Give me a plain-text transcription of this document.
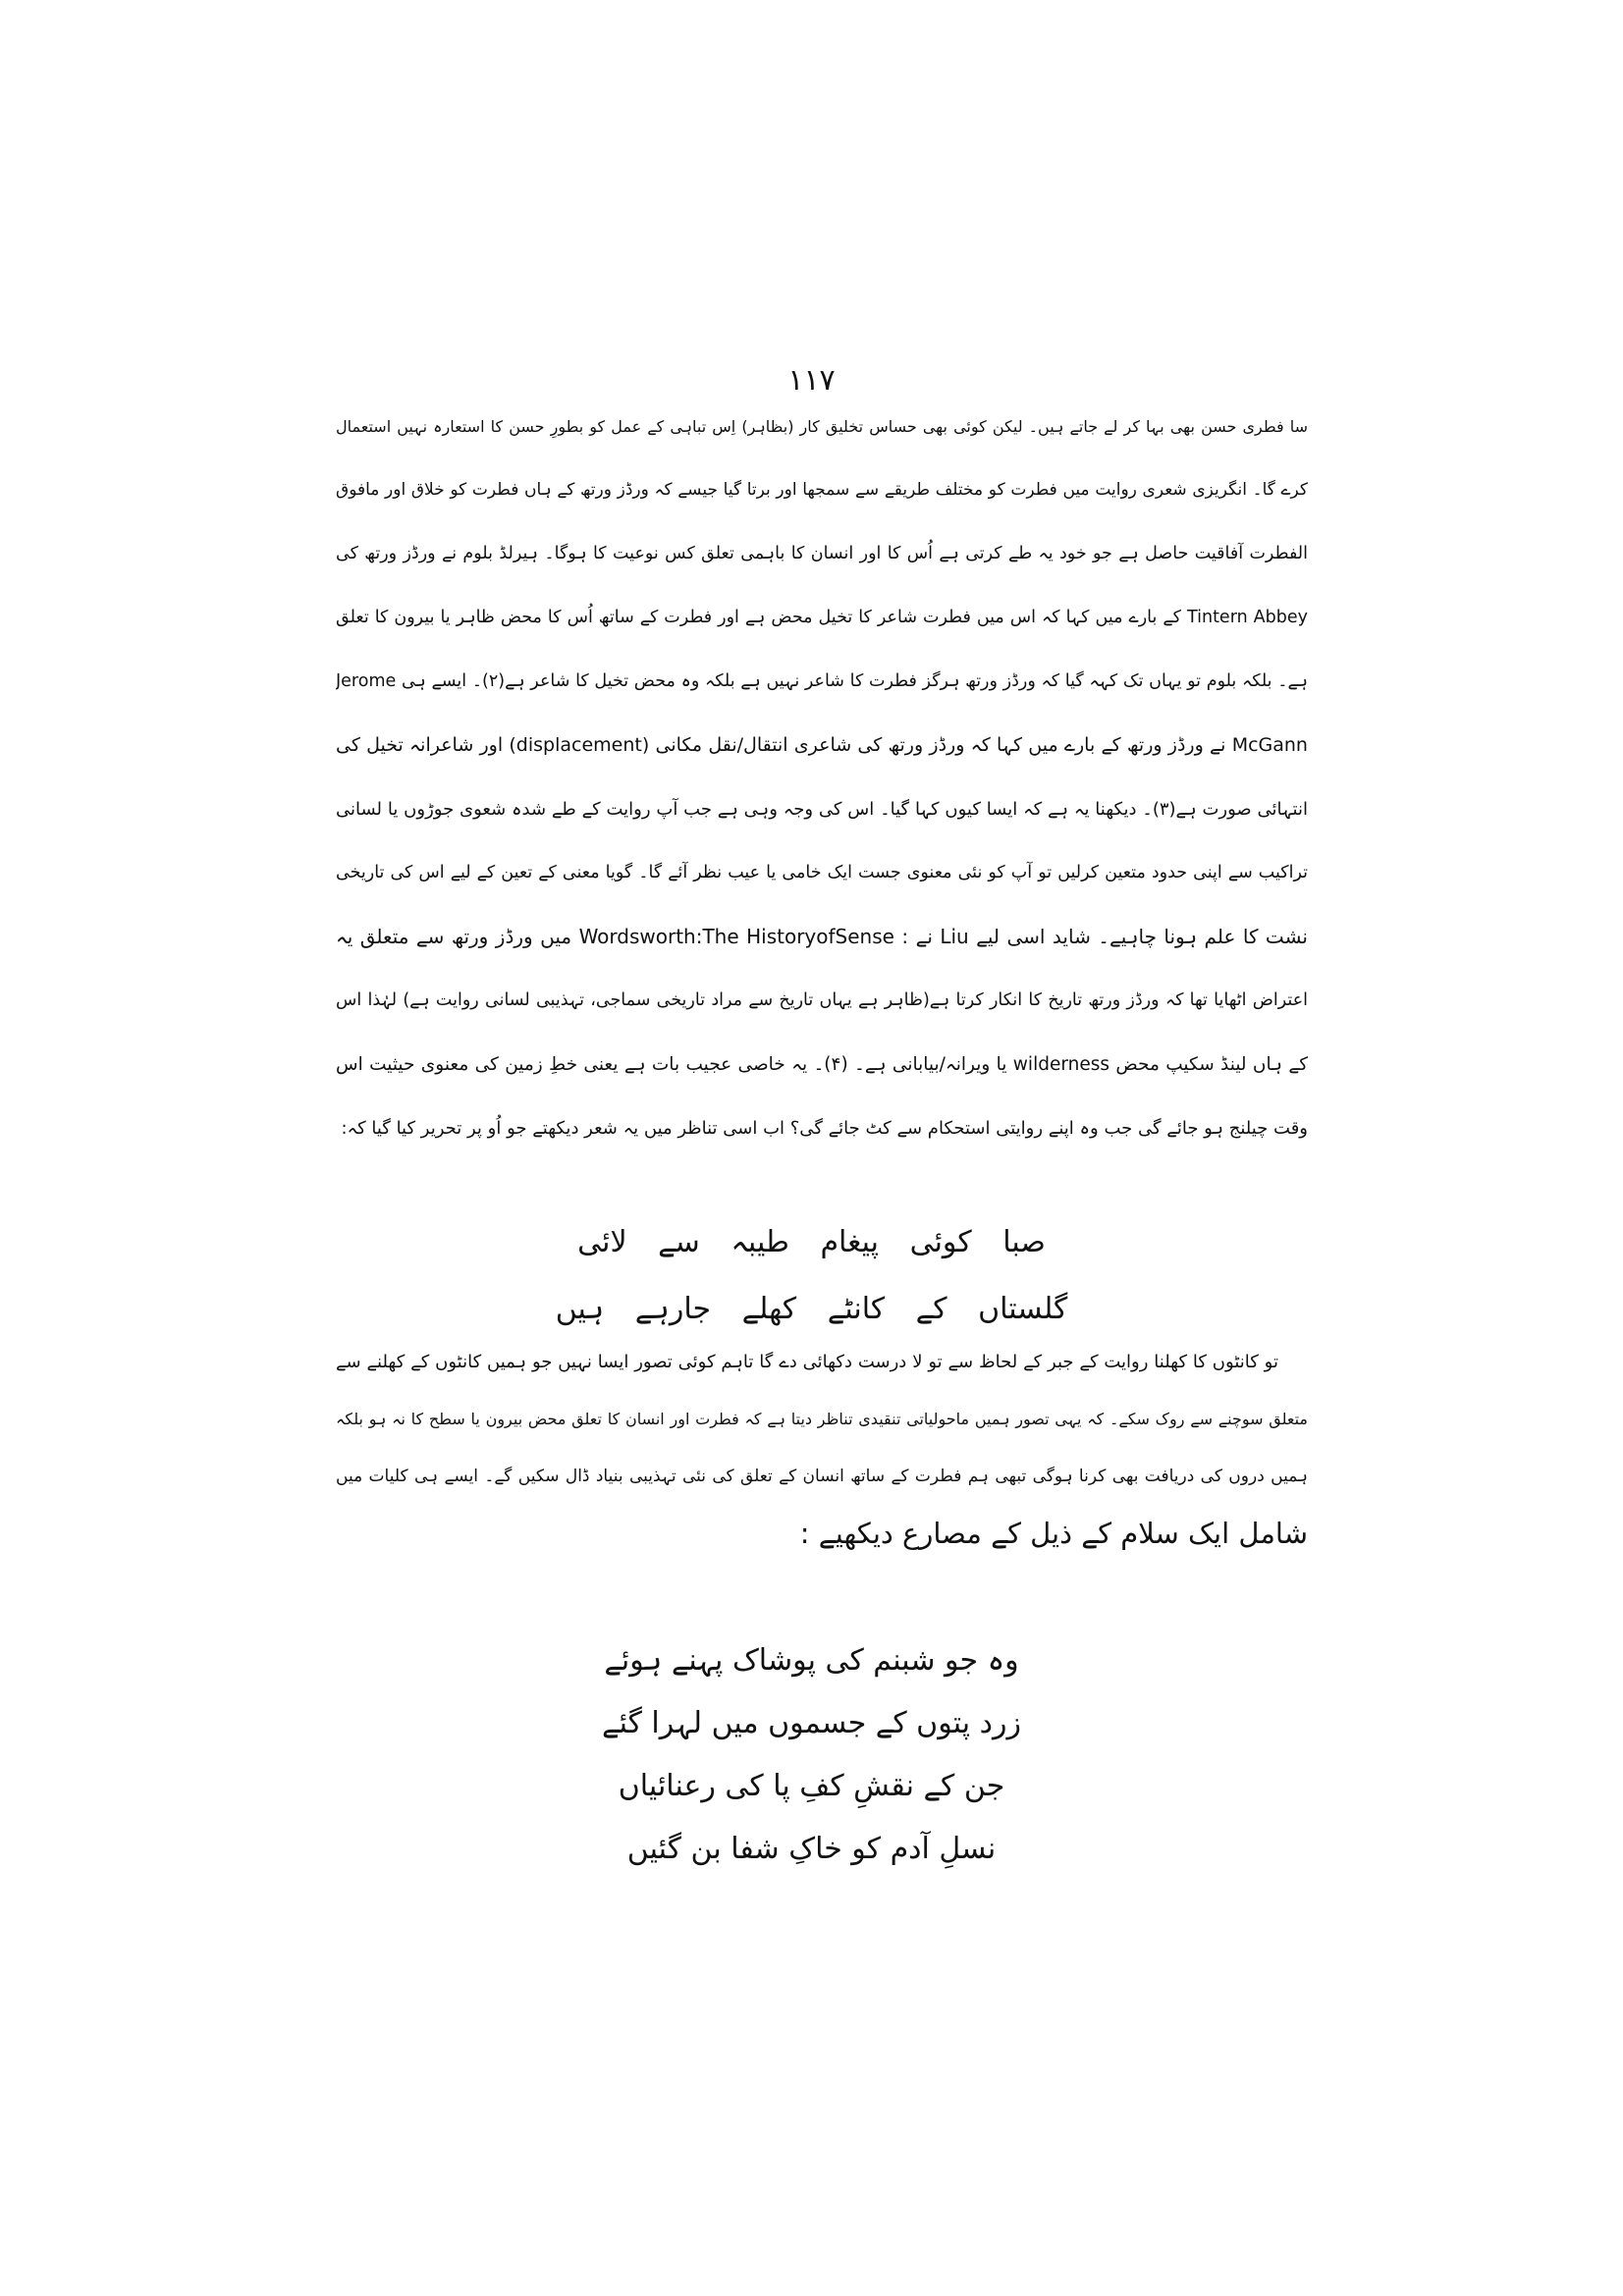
۱۱۷
سا فطری حسن بھی بہا کر لے جاتے ہیں۔ لیکن کوئی بھی حساس تخلیق کار (بظاہر) اِس تباہی کے عمل کو بطورِ حسن کا استعارہ نہیں استعمال
کرے گا۔ انگریزی شعری روایت میں فطرت کو مختلف طریقے سے سمجھا اور برتا گیا جیسے کہ ورڈز ورتھ کے ہاں فطرت کو خلاق اور مافوق
الفطرت آفاقیت حاصل ہے جو خود یہ طے کرتی ہے اُس کا اور انسان کا باہمی تعلق کس نوعیت کا ہوگا۔ ہیرلڈ بلوم نے ورڈز ورتھ کی
Tintern Abbey کے بارے میں کہا کہ اس میں فطرت شاعر کا تخیل محض ہے اور فطرت کے ساتھ اُس کا محض ظاہر یا بیرون کا تعلق
ہے۔ بلکہ بلوم تو یہاں تک کہہ گیا کہ ورڈز ورتھ ہرگز فطرت کا شاعر نہیں ہے بلکہ وہ محض تخیل کا شاعر ہے(۲)۔ ایسے ہی Jerome
McGann نے ورڈز ورتھ کے بارے میں کہا کہ ورڈز ورتھ کی شاعری انتقال/نقل مکانی (displacement) اور شاعرانہ تخیل کی
انتہائی صورت ہے(۳)۔ دیکھنا یہ ہے کہ ایسا کیوں کہا گیا۔ اس کی وجہ وہی ہے جب آپ روایت کے طے شدہ شعوی جوڑوں یا لسانی
تراکیب سے اپنی حدود متعین کرلیں تو آپ کو نئی معنوی جست ایک خامی یا عیب نظر آئے گا۔ گویا معنی کے تعین کے لیے اس کی تاریخی
نشت کا علم ہونا چاہیے۔ شاید اسی لیے Liu نے : Wordsworth:The HistoryofSense میں ورڈز ورتھ سے متعلق یہ
اعتراض اٹھایا تھا کہ ورڈز ورتھ تاریخ کا انکار کرتا ہے(ظاہر ہے یہاں تاریخ سے مراد تاریخی سماجی، تہذیبی لسانی روایت ہے) لہٰذا اس
کے ہاں لینڈ سکیپ محض wilderness یا ویرانہ/بیابانی ہے۔ (۴)۔ یہ خاصی عجیب بات ہے یعنی خطِ زمین کی معنوی حیثیت اس
وقت چیلنج ہو جائے گی جب وہ اپنے روایتی استحکام سے کٹ جائے گی؟ اب اسی تناظر میں یہ شعر دیکھتے جو اُو پر تحریر کیا گیا کہ:
صبا کوئی پیغام طیبہ سے لائی
گلستاں کے کانٹے کھلے جارہے ہیں
تو کانٹوں کا کھلنا روایت کے جبر کے لحاظ سے تو لا درست دکھائی دے گا تاہم کوئی تصور ایسا نہیں جو ہمیں کانٹوں کے کھلنے سے
متعلق سوچنے سے روک سکے۔ کہ یہی تصور ہمیں ماحولیاتی تنقیدی تناظر دیتا ہے کہ فطرت اور انسان کا تعلق محض بیرون یا سطح کا نہ ہو بلکہ
ہمیں دروں کی دریافت بھی کرنا ہوگی تبھی ہم فطرت کے ساتھ انسان کے تعلق کی نئی تہذیبی بنیاد ڈال سکیں گے۔ ایسے ہی کلیات میں
شامل ایک سلام کے ذیل کے مصارع دیکھیے :
وہ جو شبنم کی پوشاک پہنے ہوئے
زرد پتوں کے جسموں میں لہرا گئے
جن کے نقشِ کفِ پا کی رعنائیاں
نسلِ آدم کو خاکِ شفا بن گئیں
